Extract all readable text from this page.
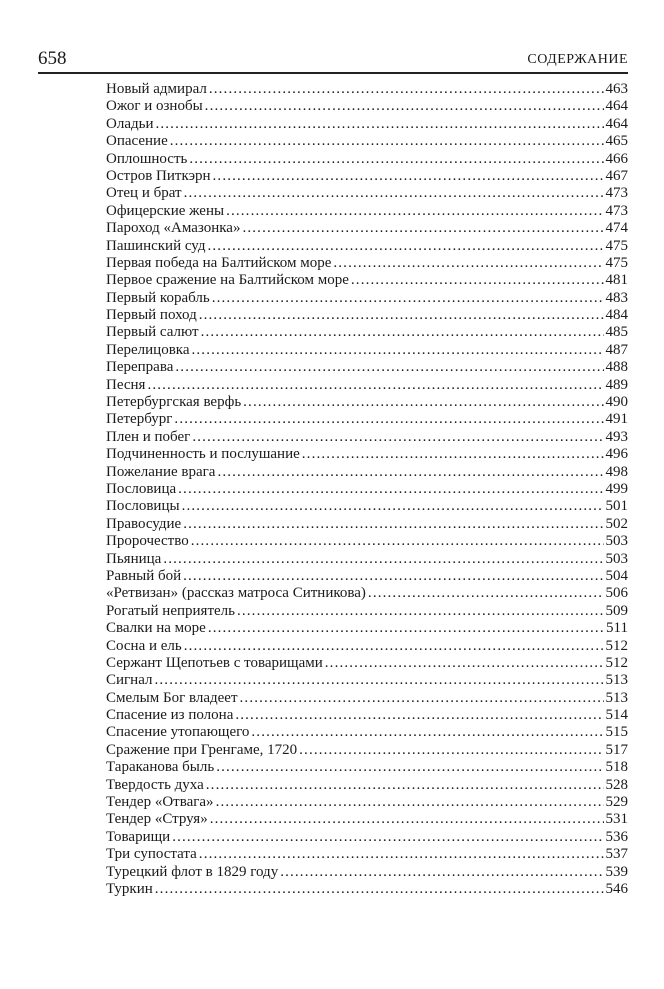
658	СОДЕРЖАНИЕ
Новый адмирал . . .	463
Ожог и ознобы . . .	464
Оладьи . . .	464
Опасение . . .	465
Оплошность . . .	466
Остров Питкэрн . . .	467
Отец и брат . . .	473
Офицерские жены . . .	473
Пароход «Амазонка» . . .	474
Пашинский суд . . .	475
Первая победа на Балтийском море . . .	475
Первое сражение на Балтийском море . . .	481
Первый корабль . . .	483
Первый поход . . .	484
Первый салют . . .	485
Перелицовка . . .	487
Переправа . . .	488
Песня . . .	489
Петербургская верфь . . .	490
Петербург . . .	491
Плен и побег . . .	493
Подчиненность и послушание . . .	496
Пожелание врага . . .	498
Пословица . . .	499
Пословицы . . .	501
Правосудие . . .	502
Пророчество . . .	503
Пьяница . . .	503
Равный бой . . .	504
«Ретвизан» (рассказ матроса Ситникова) . . .	506
Рогатый неприятель . . .	509
Свалки на море . . .	511
Сосна и ель . . .	512
Сержант Щепотьев с товарищами . . .	512
Сигнал . . .	513
Смелым Бог владеет . . .	513
Спасение из полона . . .	514
Спасение утопающего . . .	515
Сражение при Гренгаме, 1720 . . .	517
Тараканова быль . . .	518
Твердость духа . . .	528
Тендер «Отвага» . . .	529
Тендер «Струя» . . .	531
Товарищи . . .	536
Три супостата . . .	537
Турецкий флот в 1829 году . . .	539
Туркин . . .	546
